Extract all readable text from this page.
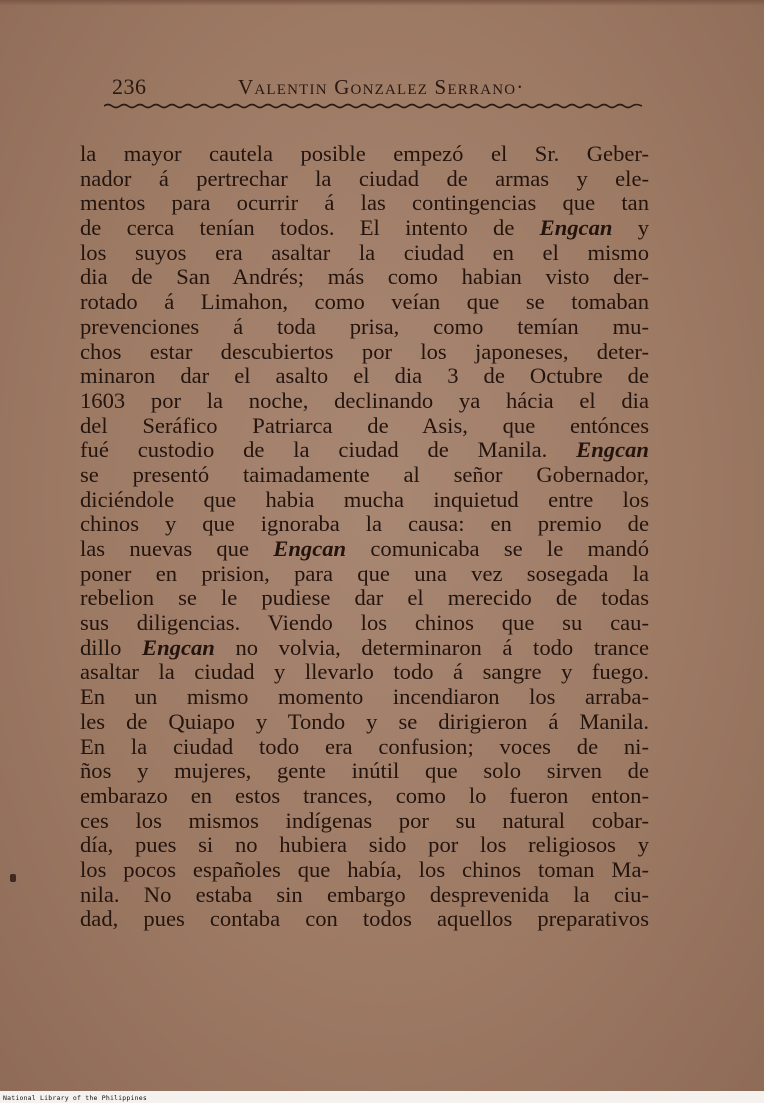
236	Valentin Gonzalez Serrano·
la mayor cautela posible empezó el Sr. Geber-
nador á pertrechar la ciudad de armas y ele-
mentos para ocurrir á las contingencias que tan
de cerca tenían todos. El intento de Engcan y
los suyos era asaltar la ciudad en el mismo
dia de San Andrés; más como habian visto der-
rotado á Limahon, como veían que se tomaban
prevenciones á toda prisa, como temían mu-
chos estar descubiertos por los japoneses, deter-
minaron dar el asalto el dia 3 de Octubre de
1603 por la noche, declinando ya hácia el dia
del Seráfico Patriarca de Asis, que entónces
fué custodio de la ciudad de Manila. Engcan
se presentó taimadamente al señor Gobernador,
diciéndole que habia mucha inquietud entre los
chinos y que ignoraba la causa: en premio de
las nuevas que Engcan comunicaba se le mandó
poner en prision, para que una vez sosegada la
rebelion se le pudiese dar el merecido de todas
sus diligencias. Viendo los chinos que su cau-
dillo Engcan no volvia, determinaron á todo trance
asaltar la ciudad y llevarlo todo á sangre y fuego.
En un mismo momento incendiaron los arraba-
les de Quiapo y Tondo y se dirigieron á Manila.
En la ciudad todo era confusion; voces de ni-
ños y mujeres, gente inútil que solo sirven de
embarazo en estos trances, como lo fueron enton-
ces los mismos indígenas por su natural cobar-
día, pues si no hubiera sido por los religiosos y
los pocos españoles que había, los chinos toman Ma-
nila. No estaba sin embargo desprevenida la ciu-
dad, pues contaba con todos aquellos preparativos
National Library of the Philippines
